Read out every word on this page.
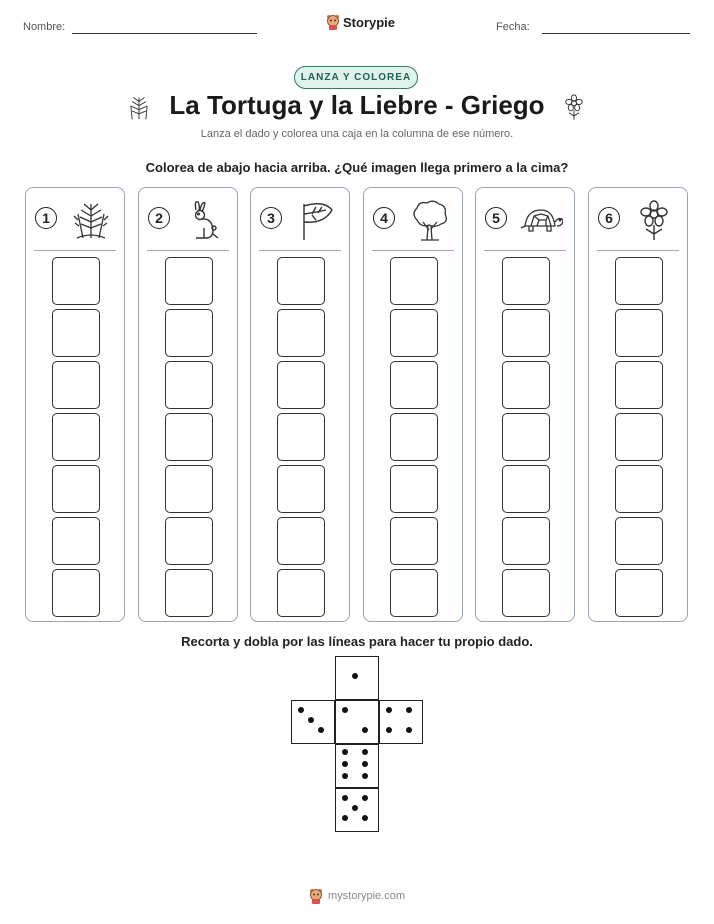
Nombre:	Storypie	Fecha:
LANZA Y COLOREA
La Tortuga y la Liebre - Griego
Lanza el dado y colorea una caja en la columna de ese número.
Colorea de abajo hacia arriba. ¿Qué imagen llega primero a la cima?
1	2	3	4	5	6
Recorta y dobla por las líneas para hacer tu propio dado.
mystorypie.com
